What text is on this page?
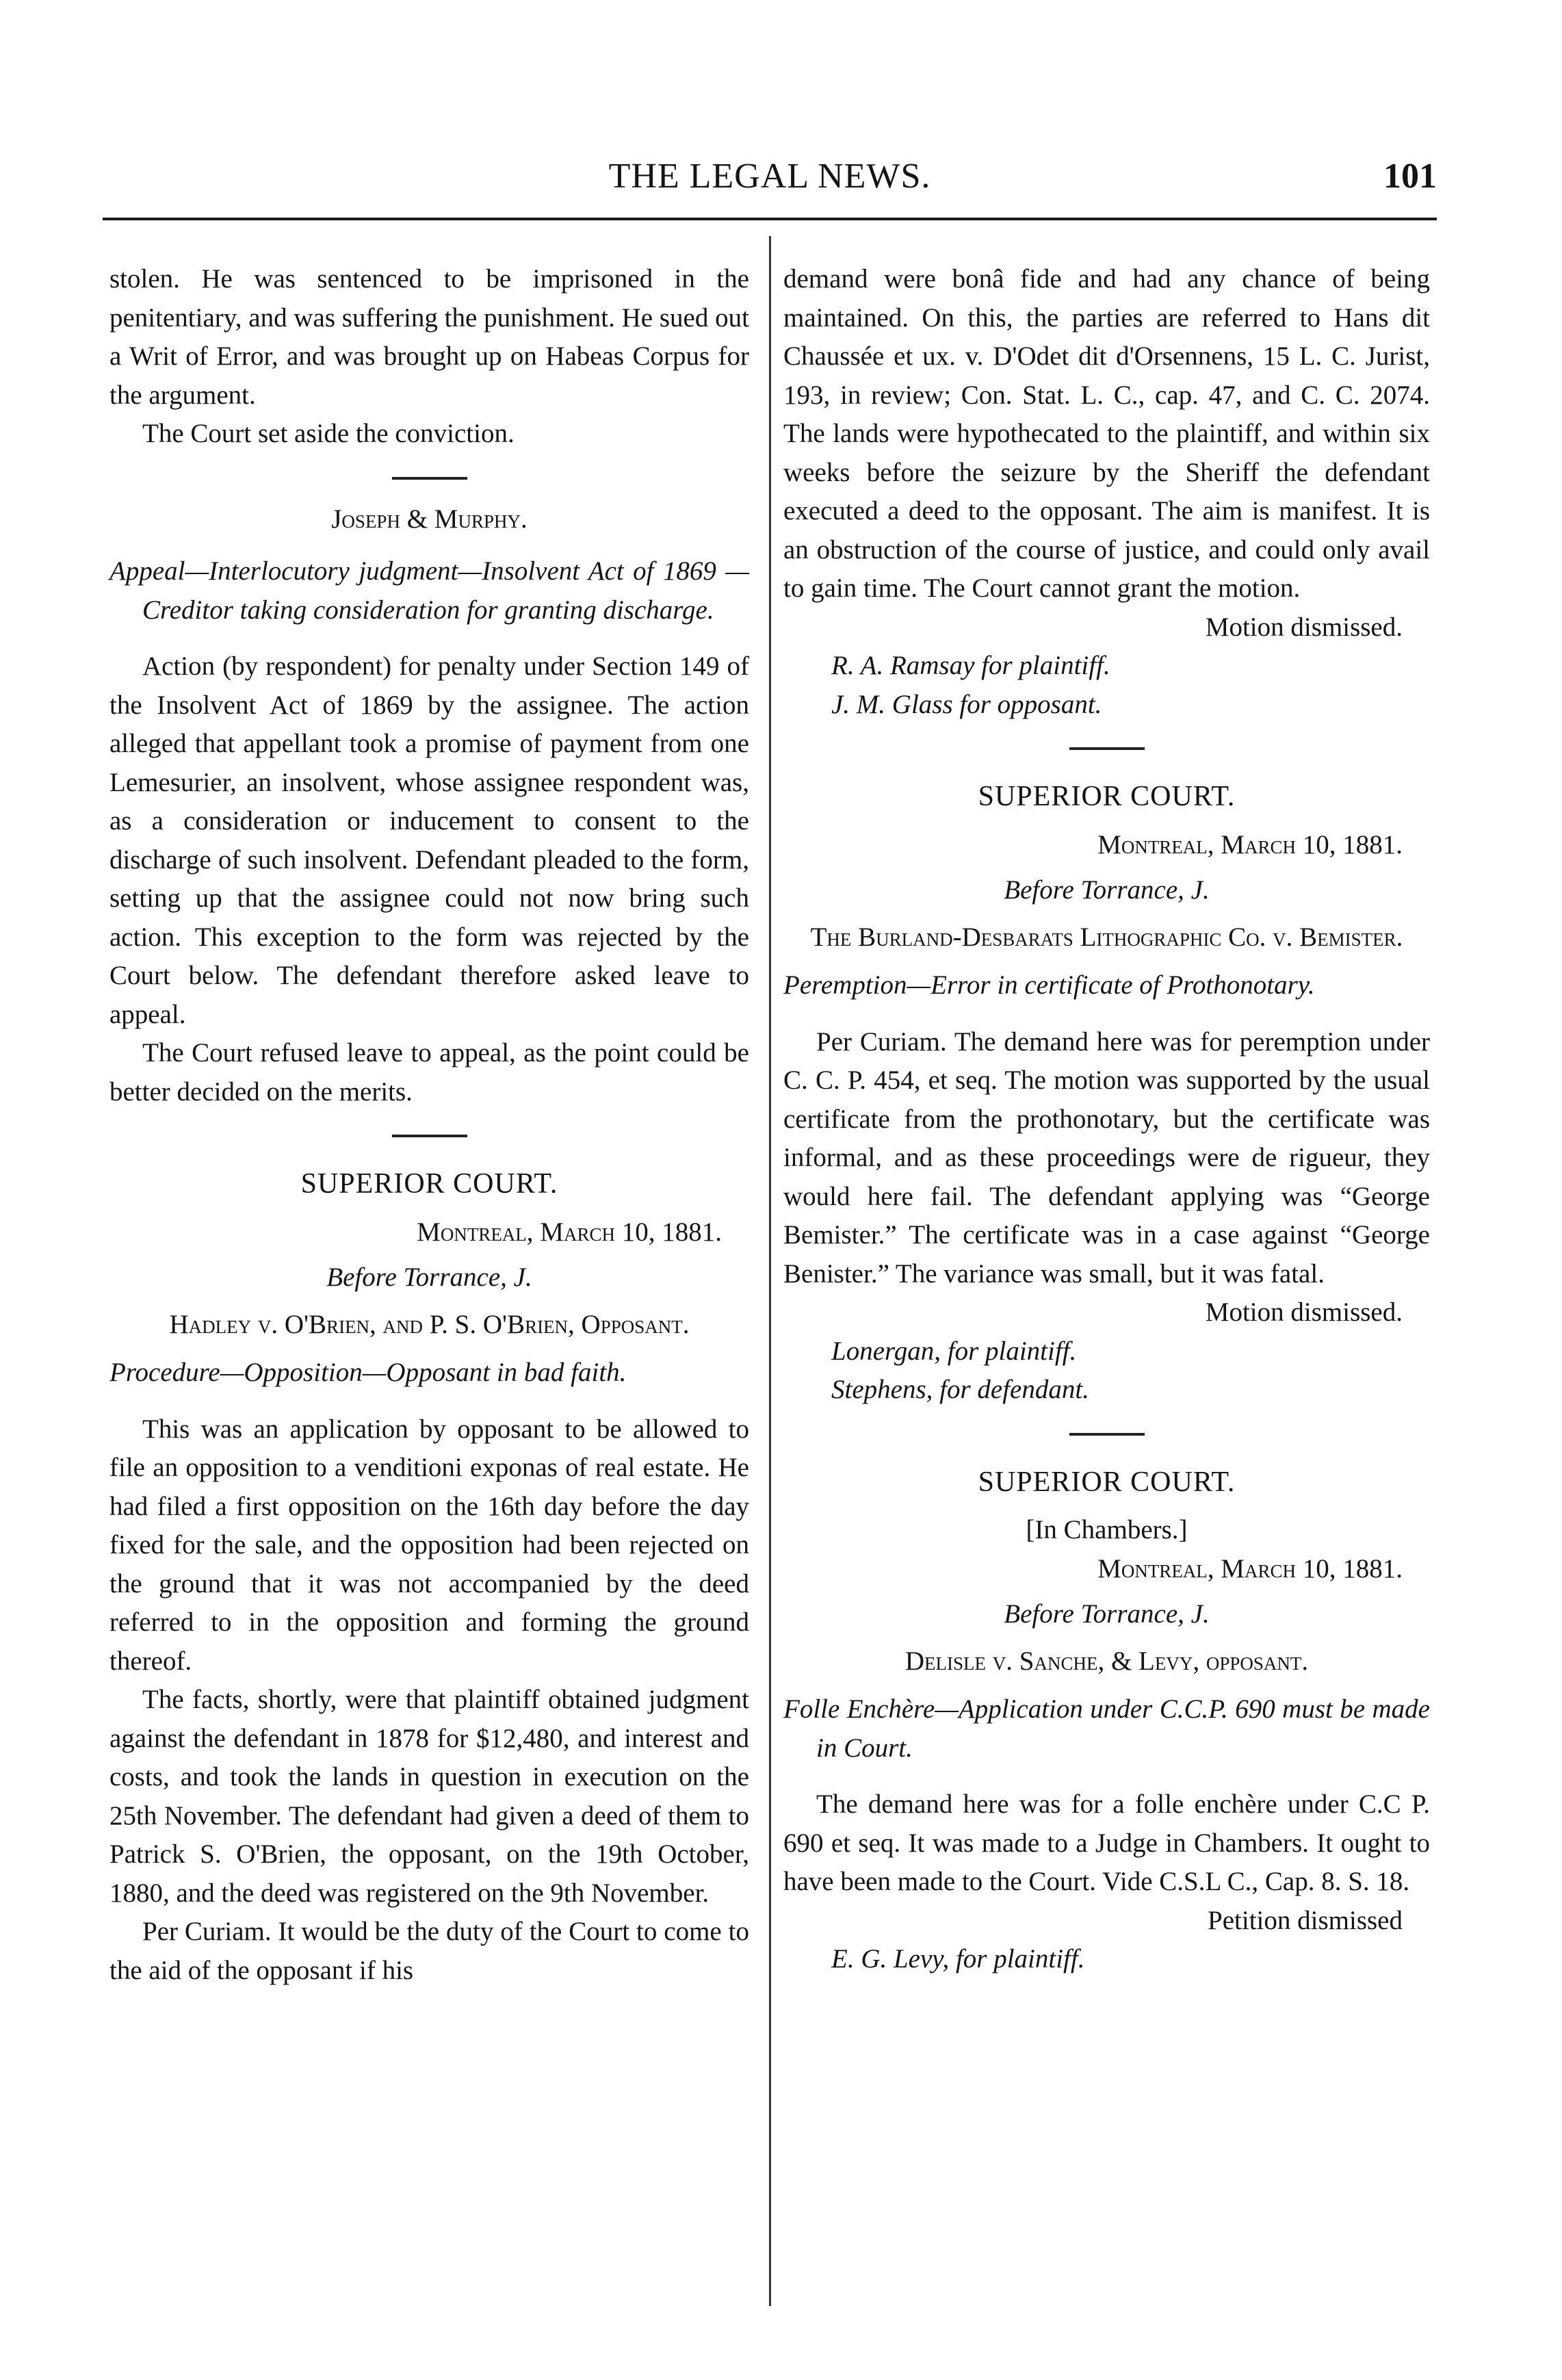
THE LEGAL NEWS.	101

stolen. He was sentenced to be imprisoned in the penitentiary, and was suffering the punishment. He sued out a Writ of Error, and was brought up on Habeas Corpus for the argument.

The Court set aside the conviction.

Joseph & Murphy.

Appeal—Interlocutory judgment—Insolvent Act of 1869 — Creditor taking consideration for granting discharge.

Action (by respondent) for penalty under Section 149 of the Insolvent Act of 1869 by the assignee. The action alleged that appellant took a promise of payment from one Lemesurier, an insolvent, whose assignee respondent was, as a consideration or inducement to consent to the discharge of such insolvent. Defendant pleaded to the form, setting up that the assignee could not now bring such action. This exception to the form was rejected by the Court below. The defendant therefore asked leave to appeal.

The Court refused leave to appeal, as the point could be better decided on the merits.

SUPERIOR COURT.

Montreal, March 10, 1881.

Before Torrance, J.

Hadley v. O'Brien, and P. S. O'Brien, Opposant.

Procedure—Opposition—Opposant in bad faith.

This was an application by opposant to be allowed to file an opposition to a venditioni exponas of real estate. He had filed a first opposition on the 16th day before the day fixed for the sale, and the opposition had been rejected on the ground that it was not accompanied by the deed referred to in the opposition and forming the ground thereof.

The facts, shortly, were that plaintiff obtained judgment against the defendant in 1878 for $12,480, and interest and costs, and took the lands in question in execution on the 25th November. The defendant had given a deed of them to Patrick S. O'Brien, the opposant, on the 19th October, 1880, and the deed was registered on the 9th November.

Per Curiam. It would be the duty of the Court to come to the aid of the opposant if his

demand were bonâ fide and had any chance of being maintained. On this, the parties are referred to Hans dit Chaussée et ux. v. D'Odet dit d'Orsennens, 15 L. C. Jurist, 193, in review; Con. Stat. L. C., cap. 47, and C. C. 2074. The lands were hypothecated to the plaintiff, and within six weeks before the seizure by the Sheriff the defendant executed a deed to the opposant. The aim is manifest. It is an obstruction of the course of justice, and could only avail to gain time. The Court cannot grant the motion.

Motion dismissed.

R. A. Ramsay for plaintiff.

J. M. Glass for opposant.

SUPERIOR COURT.

Montreal, March 10, 1881.

Before Torrance, J.

The Burland-Desbarats Lithographic Co. v. Bemister.

Peremption—Error in certificate of Prothonotary.

Per Curiam. The demand here was for peremption under C. C. P. 454, et seq. The motion was supported by the usual certificate from the prothonotary, but the certificate was informal, and as these proceedings were de rigueur, they would here fail. The defendant applying was “George Bemister.” The certificate was in a case against “George Benister.” The variance was small, but it was fatal.

Motion dismissed.

Lonergan, for plaintiff.

Stephens, for defendant.

SUPERIOR COURT.

[In Chambers.]

Montreal, March 10, 1881.

Before Torrance, J.

Delisle v. Sanche, & Levy, opposant.

Folle Enchère—Application under C.C.P. 690 must be made in Court.

The demand here was for a folle enchère under C.C P. 690 et seq. It was made to a Judge in Chambers. It ought to have been made to the Court. Vide C.S.L C., Cap. 8. S. 18.

Petition dismissed

E. G. Levy, for plaintiff.
